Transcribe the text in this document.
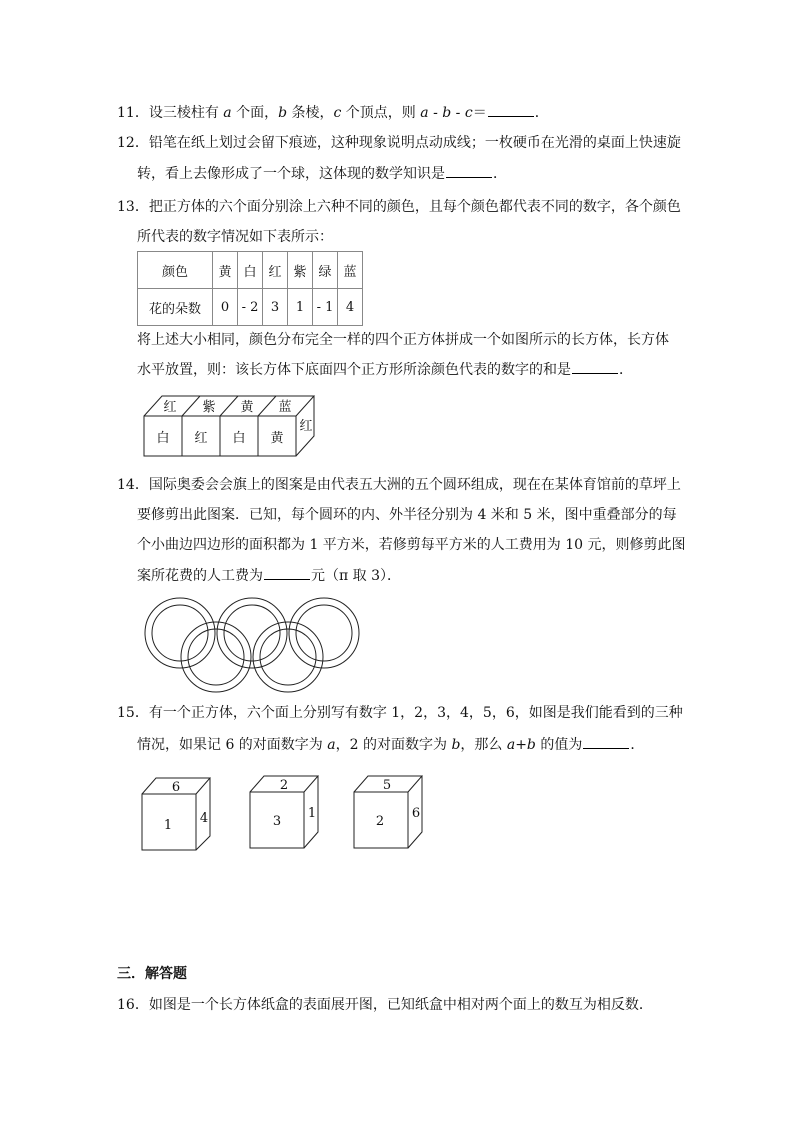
11．设三棱柱有 a 个面，b 条棱，c 个顶点，则 a - b - c＝	．
12．铅笔在纸上划过会留下痕迹，这种现象说明点动成线；一枚硬币在光滑的桌面上快速旋
转，看上去像形成了一个球，这体现的数学知识是	．
13．把正方体的六个面分别涂上六种不同的颜色，且每个颜色都代表不同的数字，各个颜色
所代表的数字情况如下表所示：
颜色	黄	白	红	紫	绿	蓝
花的朵数	0	- 2	3	1	- 1	4
将上述大小相同，颜色分布完全一样的四个正方体拼成一个如图所示的长方体，长方体
水平放置，则：该长方体下底面四个正方形所涂颜色代表的数字的和是	．
红 紫 黄 蓝
白 红 白 黄
红
14．国际奥委会会旗上的图案是由代表五大洲的五个圆环组成，现在在某体育馆前的草坪上
要修剪出此图案．已知，每个圆环的内、外半径分别为 4 米和 5 米，图中重叠部分的每
个小曲边四边形的面积都为 1 平方米，若修剪每平方米的人工费用为 10 元，则修剪此图
案所花费的人工费为	元（π 取 3）．
15．有一个正方体，六个面上分别写有数字 1，2，3，4，5，6，如图是我们能看到的三种
情况，如果记 6 的对面数字为 a，2 的对面数字为 b，那么 a+b 的值为	．
6
1 4
2
3
1
5
2
6
三．解答题
16．如图是一个长方体纸盒的表面展开图，已知纸盒中相对两个面上的数互为相反数．
